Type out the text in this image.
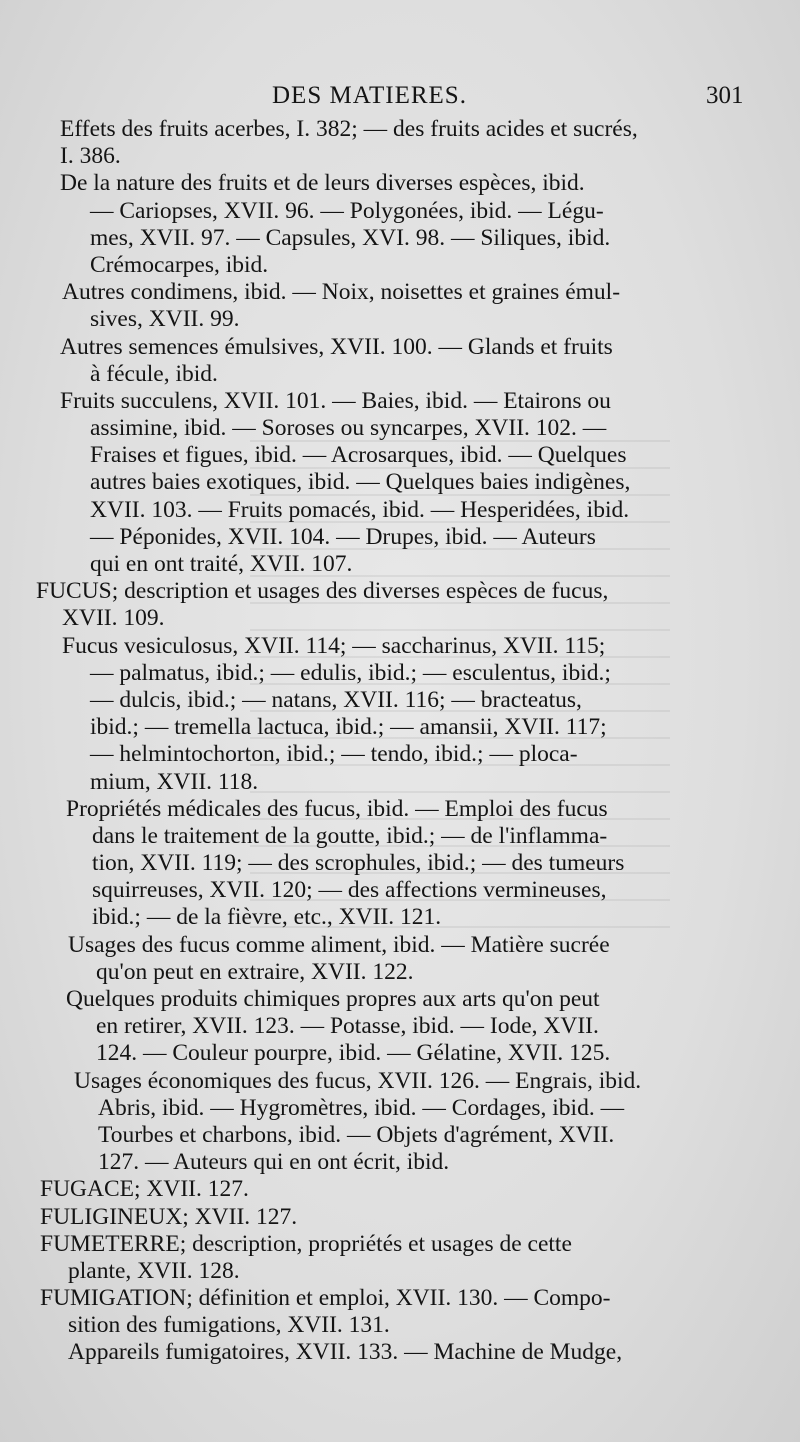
DES MATIERES.	301
Effets des fruits acerbes, I. 382; — des fruits acides et sucrés,
I. 386.
De la nature des fruits et de leurs diverses espèces, ibid.
— Cariopses, XVII. 96. — Polygonées, ibid. — Légu-
mes, XVII. 97. — Capsules, XVI. 98. — Siliques, ibid.
Crémocarpes, ibid.
Autres condimens, ibid. — Noix, noisettes et graines émul-
sives, XVII. 99.
Autres semences émulsives, XVII. 100. — Glands et fruits
à fécule, ibid.
Fruits succulens, XVII. 101. — Baies, ibid. — Etairons ou
assimine, ibid. — Soroses ou syncarpes, XVII. 102. —
Fraises et figues, ibid. — Acrosarques, ibid. — Quelques
autres baies exotiques, ibid. — Quelques baies indigènes,
XVII. 103. — Fruits pomacés, ibid. — Hesperidées, ibid.
— Péponides, XVII. 104. — Drupes, ibid. — Auteurs
qui en ont traité, XVII. 107.
FUCUS; description et usages des diverses espèces de fucus,
XVII. 109.
Fucus vesiculosus, XVII. 114; — saccharinus, XVII. 115;
— palmatus, ibid.; — edulis, ibid.; — esculentus, ibid.;
— dulcis, ibid.; — natans, XVII. 116; — bracteatus,
ibid.; — tremella lactuca, ibid.; — amansii, XVII. 117;
— helmintochorton, ibid.; — tendo, ibid.; — ploca-
mium, XVII. 118.
Propriétés médicales des fucus, ibid. — Emploi des fucus
dans le traitement de la goutte, ibid.; — de l'inflamma-
tion, XVII. 119; — des scrophules, ibid.; — des tumeurs
squirreuses, XVII. 120; — des affections vermineuses,
ibid.; — de la fièvre, etc., XVII. 121.
Usages des fucus comme aliment, ibid. — Matière sucrée
qu'on peut en extraire, XVII. 122.
Quelques produits chimiques propres aux arts qu'on peut
en retirer, XVII. 123. — Potasse, ibid. — Iode, XVII.
124. — Couleur pourpre, ibid. — Gélatine, XVII. 125.
Usages économiques des fucus, XVII. 126. — Engrais, ibid.
Abris, ibid. — Hygromètres, ibid. — Cordages, ibid. —
Tourbes et charbons, ibid. — Objets d'agrément, XVII.
127. — Auteurs qui en ont écrit, ibid.
FUGACE; XVII. 127.
FULIGINEUX; XVII. 127.
FUMETERRE; description, propriétés et usages de cette
plante, XVII. 128.
FUMIGATION; définition et emploi, XVII. 130. — Compo-
sition des fumigations, XVII. 131.
Appareils fumigatoires, XVII. 133. — Machine de Mudge,
